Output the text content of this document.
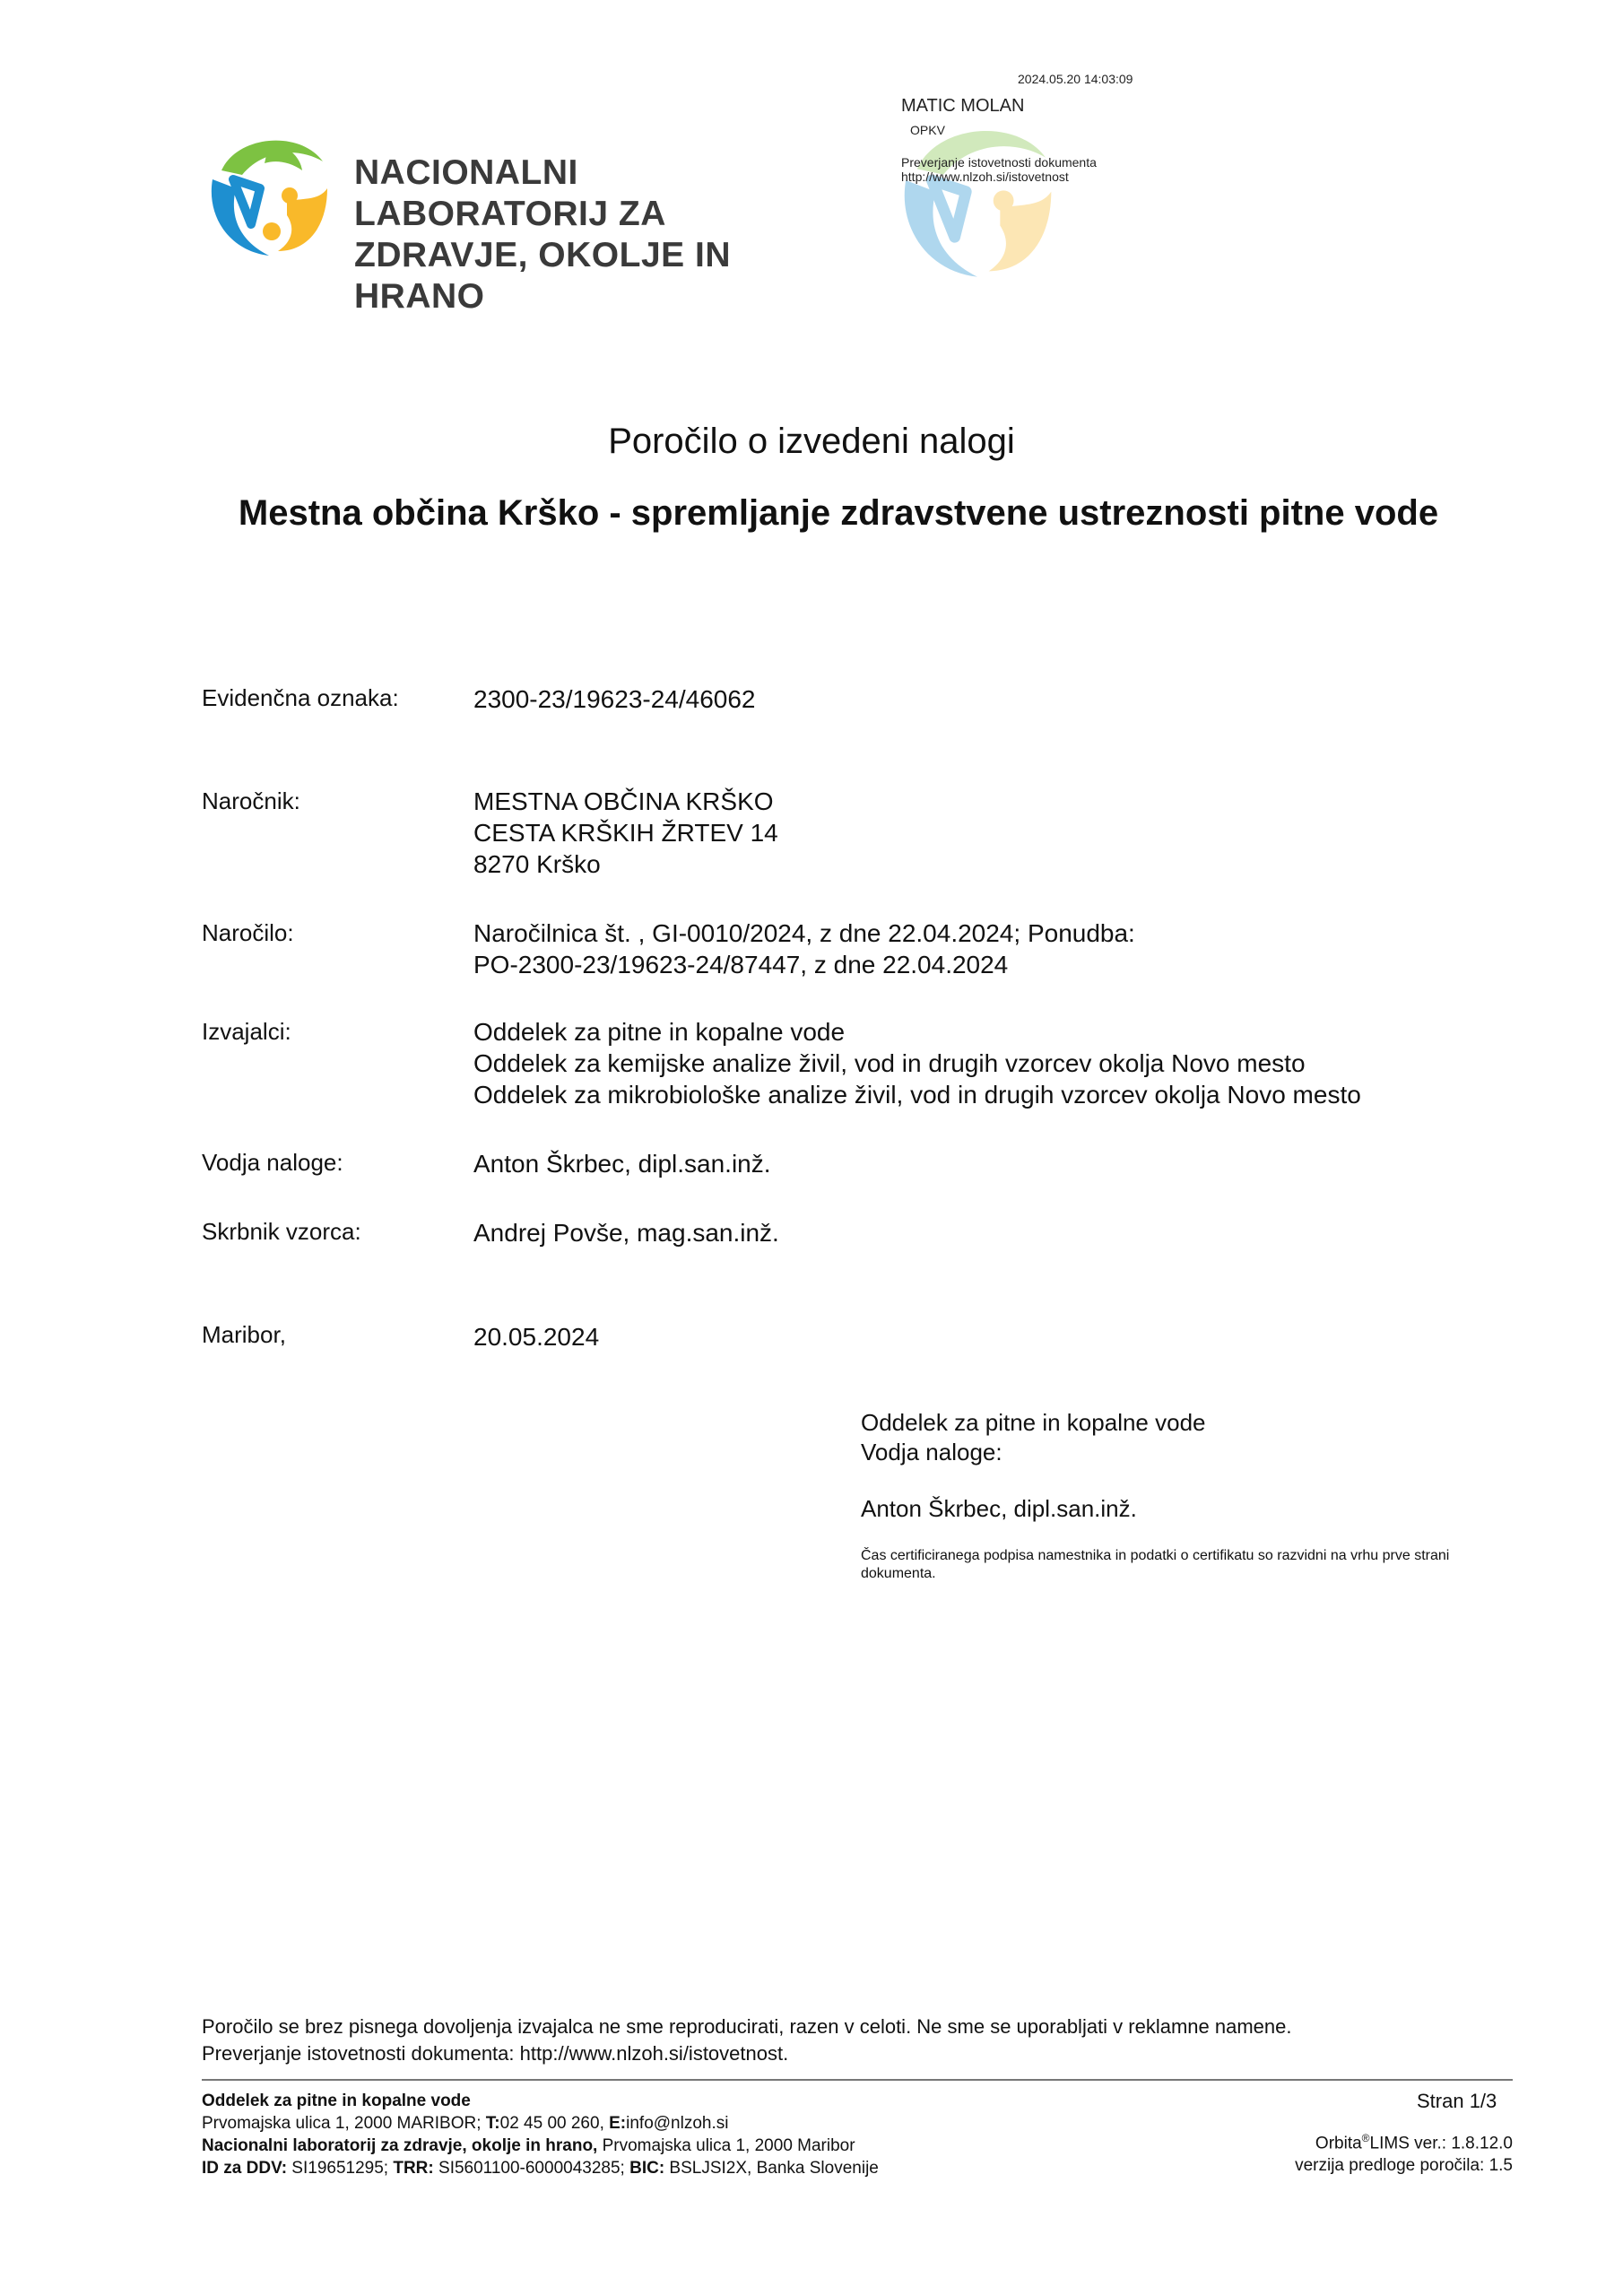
NACIONALNI LABORATORIJ ZA
ZDRAVJE, OKOLJE IN HRANO
2024.05.20 14:03:09
MATIC MOLAN
OPKV
Preverjanje istovetnosti dokumenta
http://www.nlzoh.si/istovetnost
Poročilo o izvedeni nalogi
Mestna občina Krško - spremljanje zdravstvene ustreznosti pitne vode
Evidenčna oznaka:	2300-23/19623-24/46062
Naročnik:	MESTNA OBČINA KRŠKO
CESTA KRŠKIH ŽRTEV 14
8270 Krško
Naročilo:	Naročilnica št. , GI-0010/2024, z dne 22.04.2024; Ponudba:
PO-2300-23/19623-24/87447, z dne 22.04.2024
Izvajalci:	Oddelek za pitne in kopalne vode
Oddelek za kemijske analize živil, vod in drugih vzorcev okolja Novo mesto
Oddelek za mikrobiološke analize živil, vod in drugih vzorcev okolja Novo mesto
Vodja naloge:	Anton Škrbec, dipl.san.inž.
Skrbnik vzorca:	Andrej Povše, mag.san.inž.
Maribor,	20.05.2024
Oddelek za pitne in kopalne vode
Vodja naloge:
Anton Škrbec, dipl.san.inž.
Čas certificiranega podpisa namestnika in podatki o certifikatu so razvidni na vrhu prve strani dokumenta.
Poročilo se brez pisnega dovoljenja izvajalca ne sme reproducirati, razen v celoti. Ne sme se uporabljati v reklamne namene.
Preverjanje istovetnosti dokumenta: http://www.nlzoh.si/istovetnost.
Oddelek za pitne in kopalne vode
Prvomajska ulica 1, 2000 MARIBOR; T:02 45 00 260, E:info@nlzoh.si
Nacionalni laboratorij za zdravje, okolje in hrano, Prvomajska ulica 1, 2000 Maribor
ID za DDV: SI19651295; TRR: SI5601100-6000043285; BIC: BSLJSI2X, Banka Slovenije
Stran 1/3
Orbita®LIMS ver.: 1.8.12.0
verzija predloge poročila: 1.5
